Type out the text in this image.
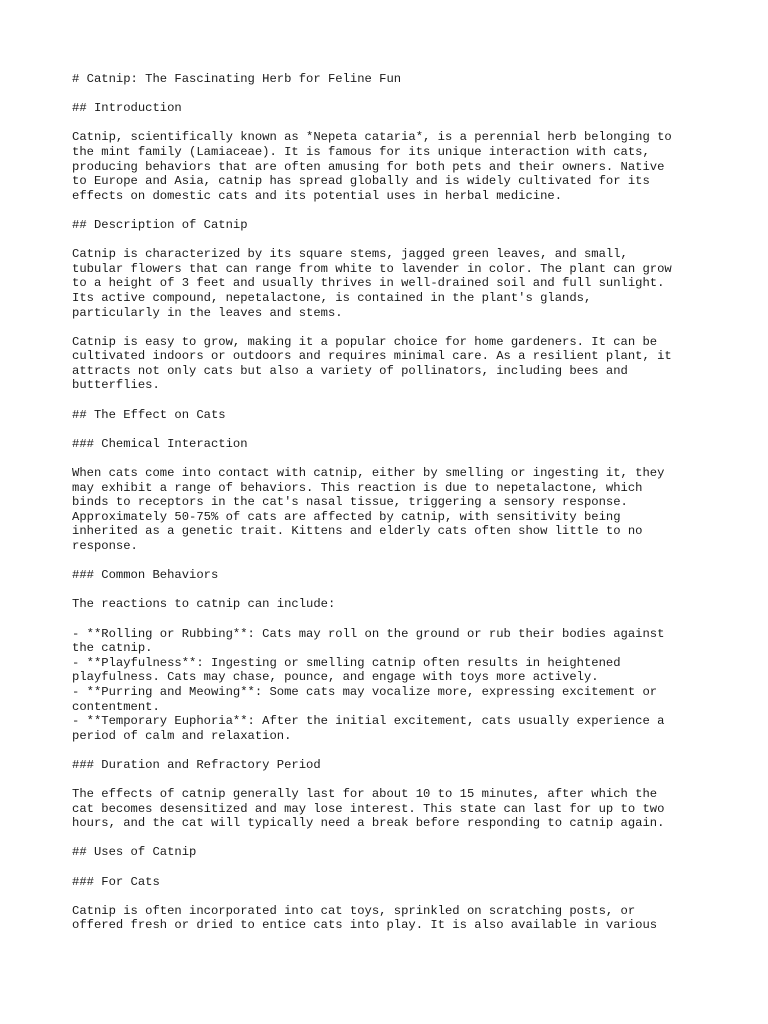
# Catnip: The Fascinating Herb for Feline Fun
## Introduction
Catnip, scientifically known as *Nepeta cataria*, is a perennial herb belonging to
the mint family (Lamiaceae). It is famous for its unique interaction with cats,
producing behaviors that are often amusing for both pets and their owners. Native
to Europe and Asia, catnip has spread globally and is widely cultivated for its
effects on domestic cats and its potential uses in herbal medicine.
## Description of Catnip
Catnip is characterized by its square stems, jagged green leaves, and small,
tubular flowers that can range from white to lavender in color. The plant can grow
to a height of 3 feet and usually thrives in well-drained soil and full sunlight.
Its active compound, nepetalactone, is contained in the plant's glands,
particularly in the leaves and stems.
Catnip is easy to grow, making it a popular choice for home gardeners. It can be
cultivated indoors or outdoors and requires minimal care. As a resilient plant, it
attracts not only cats but also a variety of pollinators, including bees and
butterflies.
## The Effect on Cats
### Chemical Interaction
When cats come into contact with catnip, either by smelling or ingesting it, they
may exhibit a range of behaviors. This reaction is due to nepetalactone, which
binds to receptors in the cat's nasal tissue, triggering a sensory response.
Approximately 50-75% of cats are affected by catnip, with sensitivity being
inherited as a genetic trait. Kittens and elderly cats often show little to no
response.
### Common Behaviors
The reactions to catnip can include:
- **Rolling or Rubbing**: Cats may roll on the ground or rub their bodies against
the catnip.
- **Playfulness**: Ingesting or smelling catnip often results in heightened
playfulness. Cats may chase, pounce, and engage with toys more actively.
- **Purring and Meowing**: Some cats may vocalize more, expressing excitement or
contentment.
- **Temporary Euphoria**: After the initial excitement, cats usually experience a
period of calm and relaxation.
### Duration and Refractory Period
The effects of catnip generally last for about 10 to 15 minutes, after which the
cat becomes desensitized and may lose interest. This state can last for up to two
hours, and the cat will typically need a break before responding to catnip again.
## Uses of Catnip
### For Cats
Catnip is often incorporated into cat toys, sprinkled on scratching posts, or
offered fresh or dried to entice cats into play. It is also available in various
